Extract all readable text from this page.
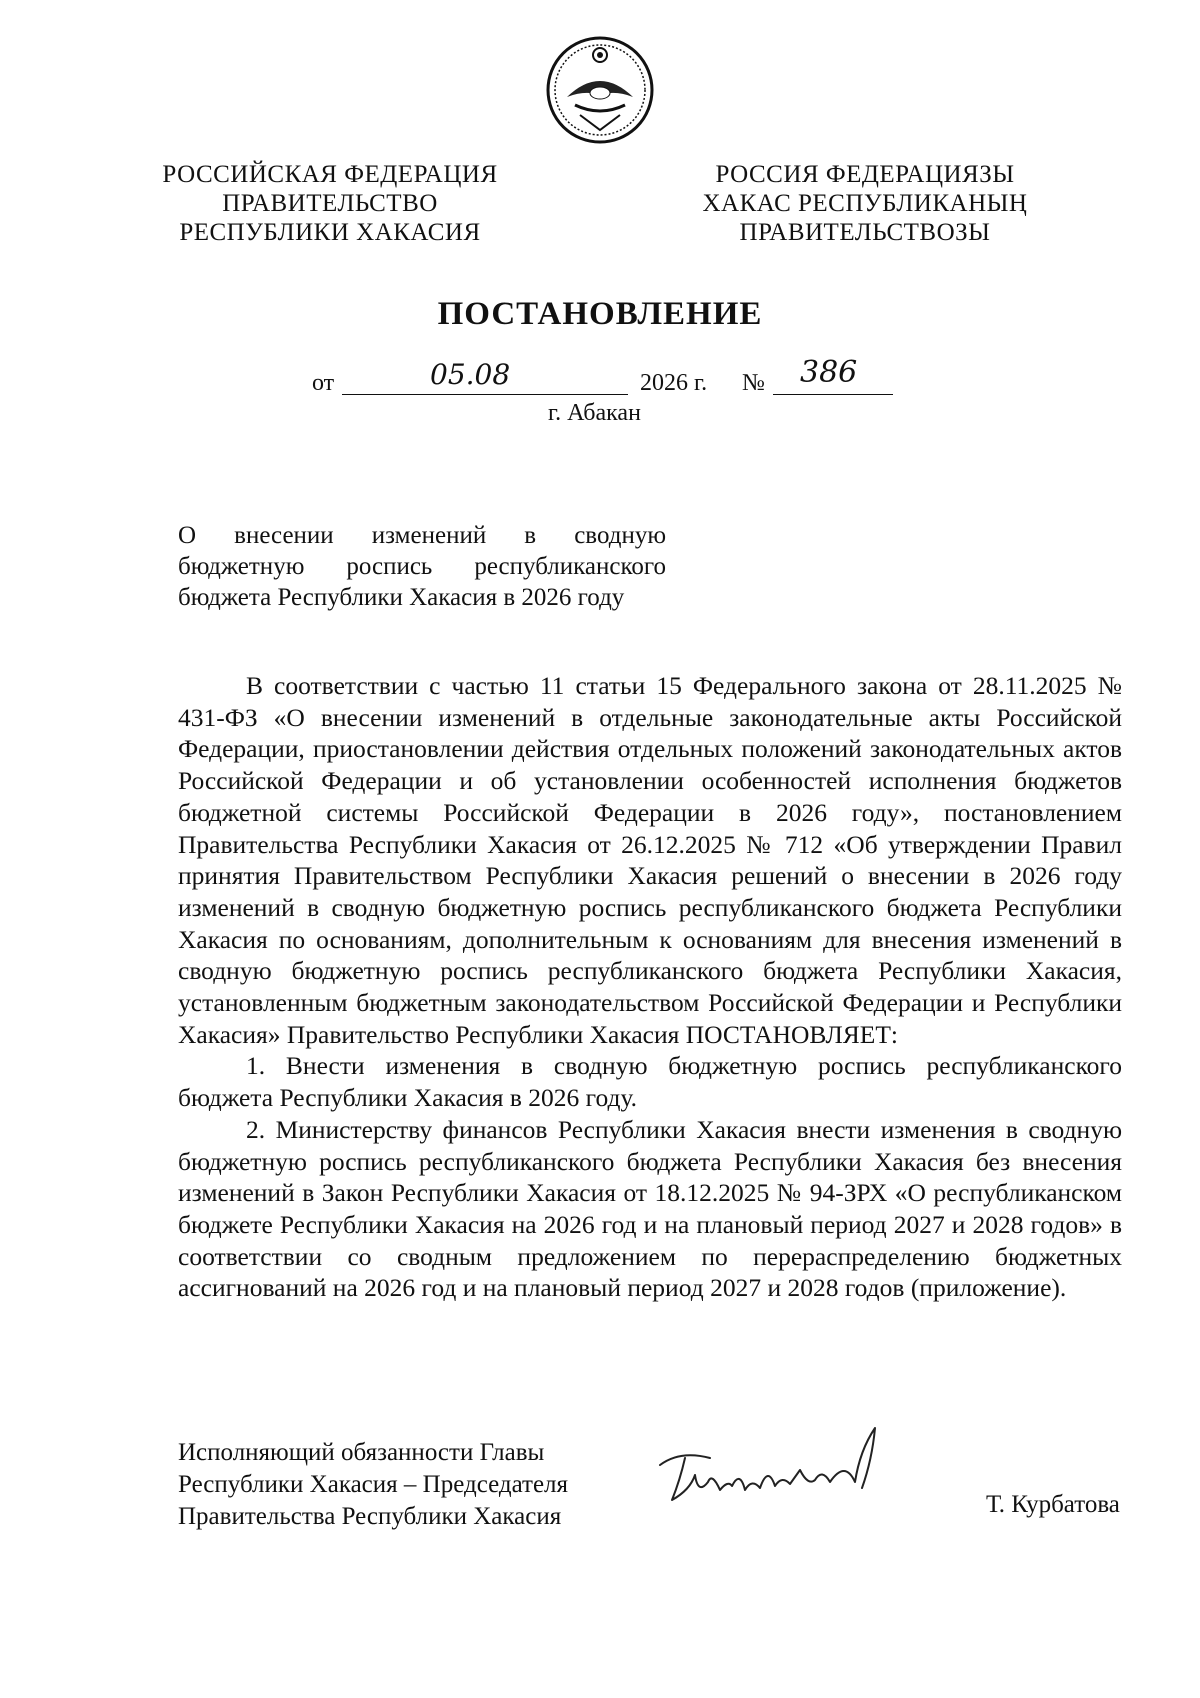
РОССИЙСКАЯ ФЕДЕРАЦИЯ
ПРАВИТЕЛЬСТВО
РЕСПУБЛИКИ ХАКАСИЯ
РОССИЯ ФЕДЕРАЦИЯЗЫ
ХАКАС РЕСПУБЛИКАНЫҢ
ПРАВИТЕЛЬСТВОЗЫ
ПОСТАНОВЛЕНИЕ
от	05.08	2026 г. № 386
г. Абакан
О внесении изменений в сводную
бюджетную роспись республиканского
бюджета Республики Хакасия в 2026 году

В соответствии с частью 11 статьи 15 Федерального закона от 28.11.2025 № 431-ФЗ «О внесении изменений в отдельные законодательные акты Российской Федерации, приостановлении действия отдельных положений законодательных актов Российской Федерации и об установлении особенностей исполнения бюджетов бюджетной системы Российской Федерации в 2026 году», постановлением Правительства Республики Хакасия от 26.12.2025 № 712 «Об утверждении Правил принятия Правительством Республики Хакасия решений о внесении в 2026 году изменений в сводную бюджетную роспись республиканского бюджета Республики Хакасия по основаниям, дополнительным к основаниям для внесения изменений в сводную бюджетную роспись республиканского бюджета Республики Хакасия, установленным бюджетным законодательством Российской Федерации и Республики Хакасия» Правительство Республики Хакасия ПОСТАНОВЛЯЕТ:

1. Внести изменения в сводную бюджетную роспись республиканского бюджета Республики Хакасия в 2026 году.

2. Министерству финансов Республики Хакасия внести изменения в сводную бюджетную роспись республиканского бюджета Республики Хакасия без внесения изменений в Закон Республики Хакасия от 18.12.2025 № 94-ЗРХ «О республиканском бюджете Республики Хакасия на 2026 год и на плановый период 2027 и 2028 годов» в соответствии со сводным предложением по перераспределению бюджетных ассигнований на 2026 год и на плановый период 2027 и 2028 годов (приложение).

Исполняющий обязанности Главы
Республики Хакасия – Председателя
Правительства Республики Хакасия	Т. Курбатова
